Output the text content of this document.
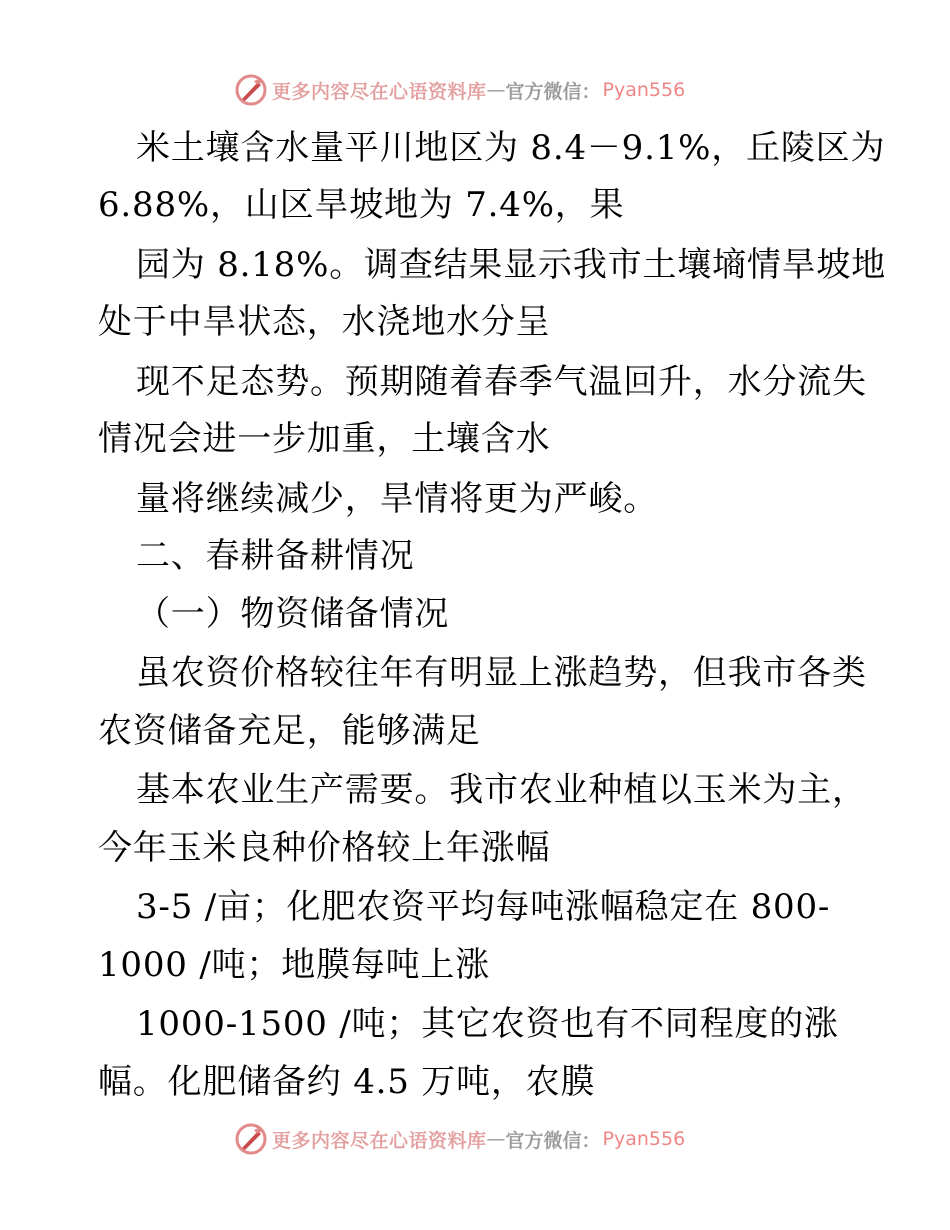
更多内容尽在心语资料库 — 官方微信： Pyan556
米土壤含水量平川地区为 8.4－9.1%，丘陵区为
6.88%，山区旱坡地为 7.4%，果
园为 8.18%。调查结果显示我市土壤墒情旱坡地
处于中旱状态，水浇地水分呈
现不足态势。预期随着春季气温回升，水分流失
情况会进一步加重，土壤含水
量将继续减少，旱情将更为严峻。
二、春耕备耕情况
（一）物资储备情况
虽农资价格较往年有明显上涨趋势，但我市各类
农资储备充足，能够满足
基本农业生产需要。我市农业种植以玉米为主，
今年玉米良种价格较上年涨幅
3-5 /亩；化肥农资平均每吨涨幅稳定在 800-
1000 /吨；地膜每吨上涨
1000-1500 /吨；其它农资也有不同程度的涨
幅。化肥储备约 4.5 万吨，农膜
更多内容尽在心语资料库 — 官方微信： Pyan556
